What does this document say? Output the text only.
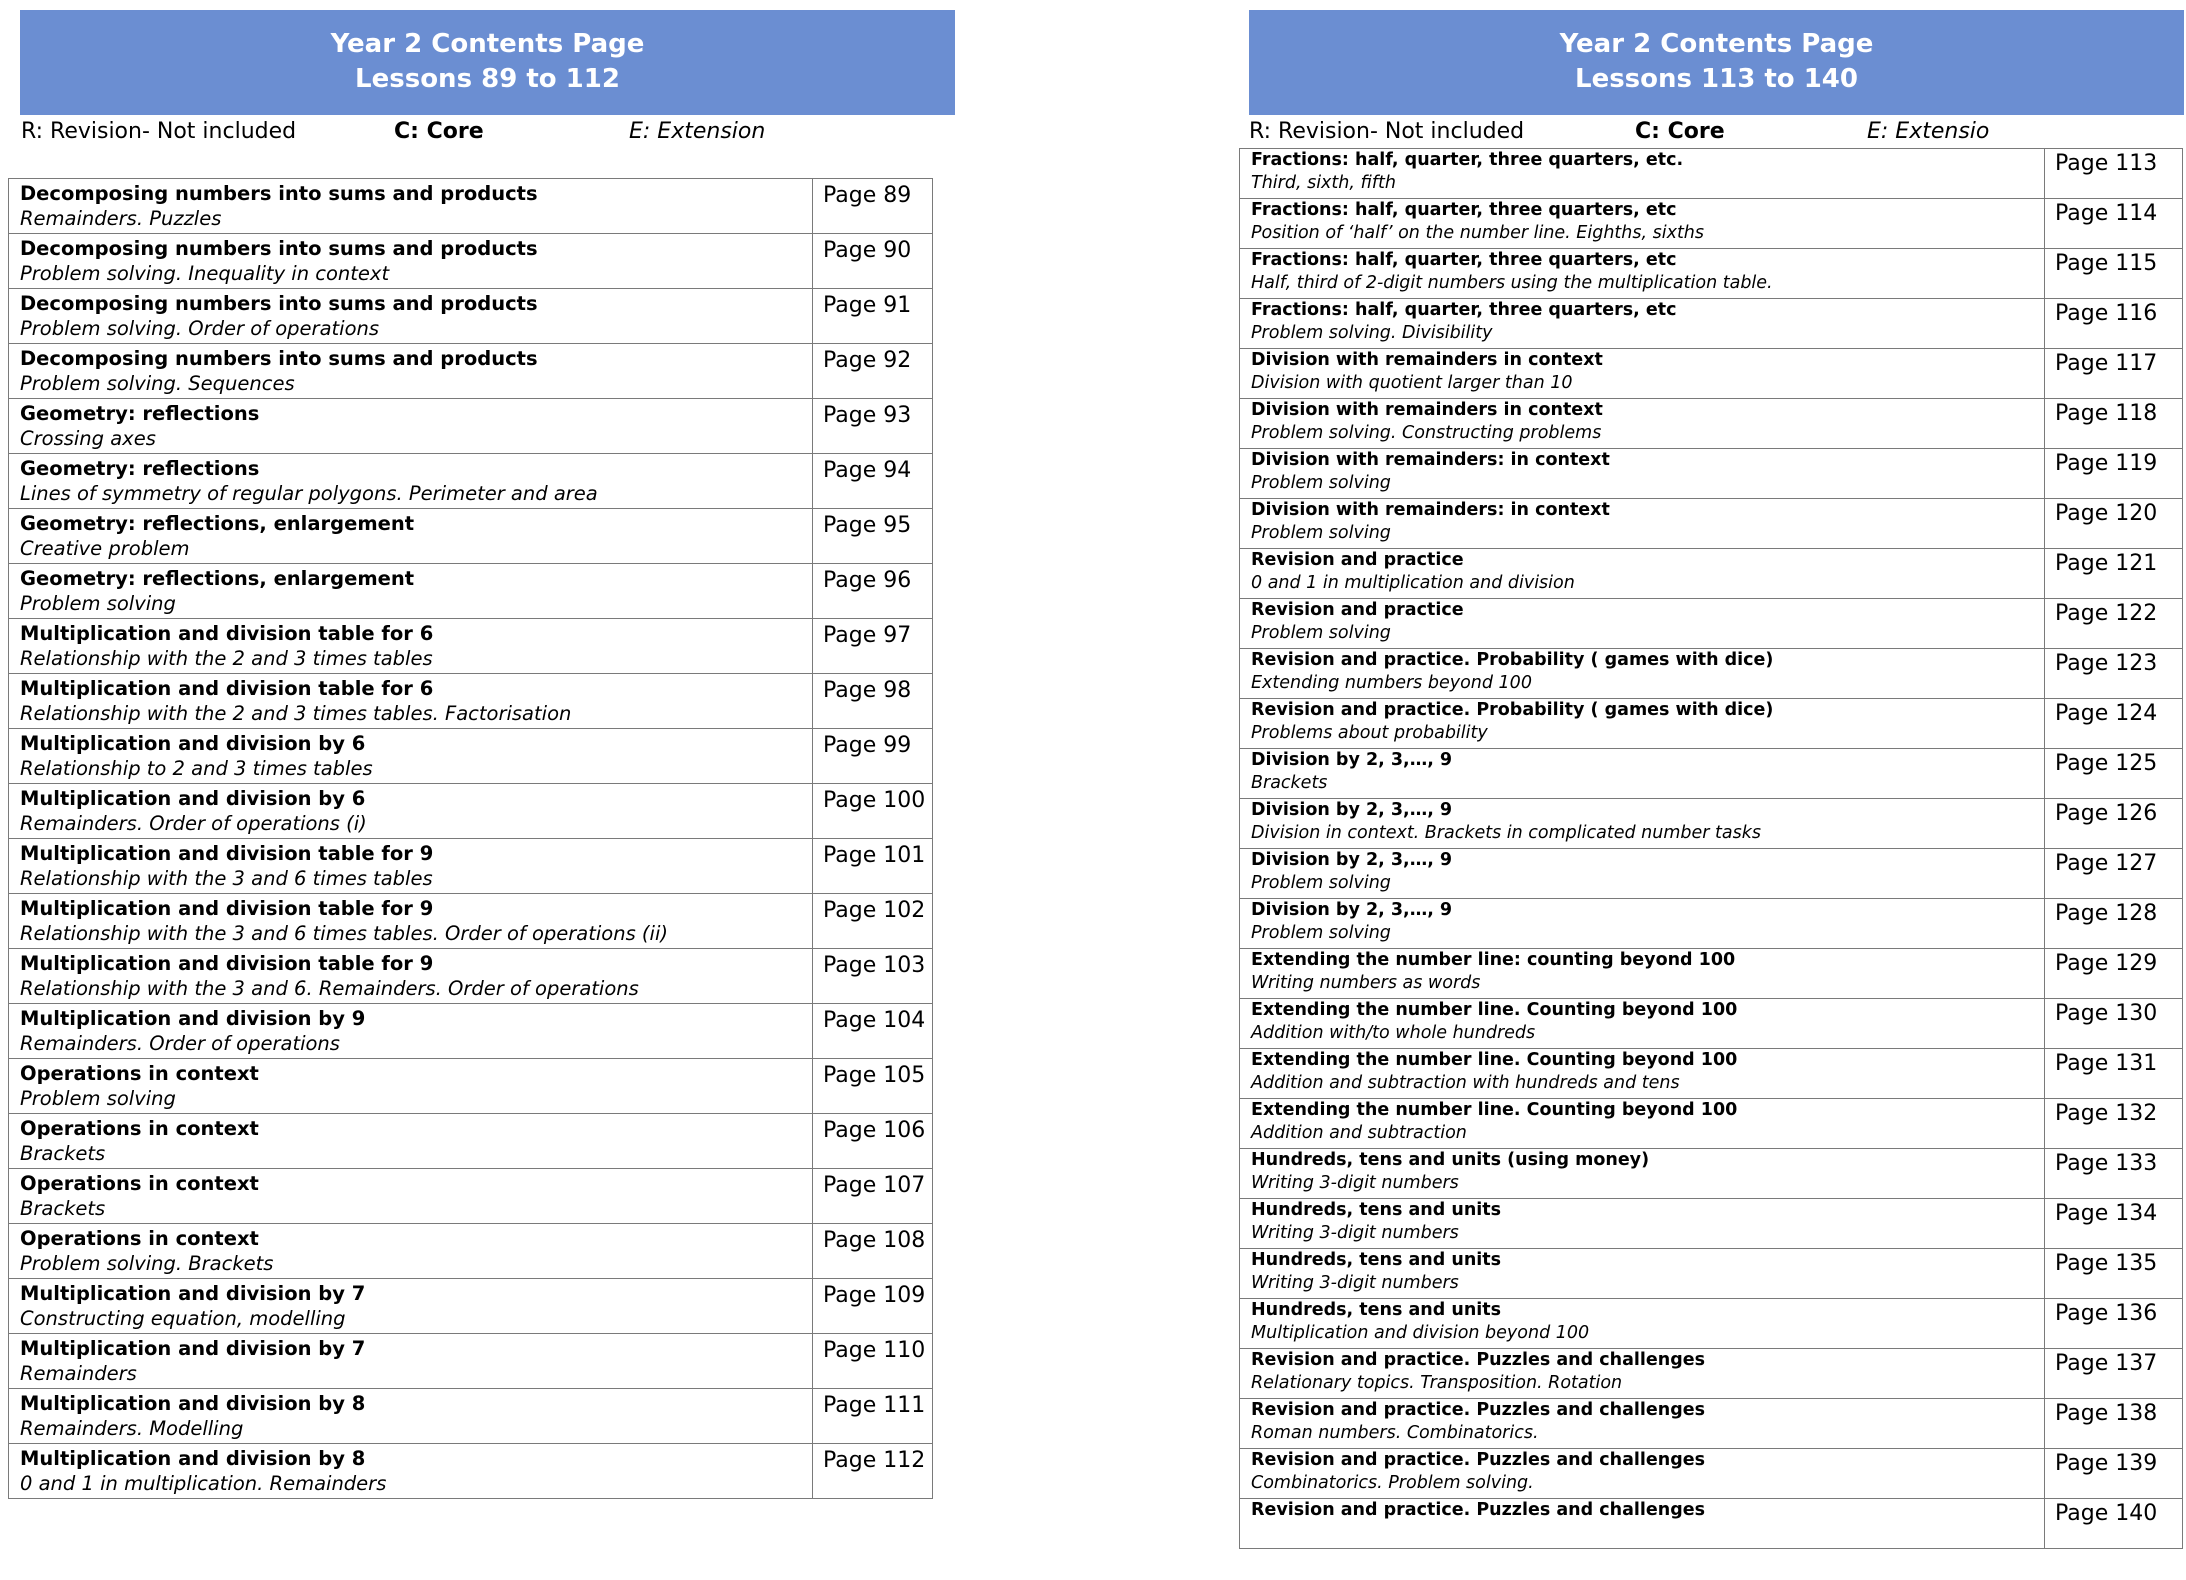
Year 2 Contents Page
Lessons 89 to 112
R: Revision- Not included	C: Core	E: Extension
Decomposing numbers into sums and products
Remainders. Puzzles	Page 89

Decomposing numbers into sums and products
Problem solving. Inequality in context	Page 90

Decomposing numbers into sums and products
Problem solving. Order of operations	Page 91

Decomposing numbers into sums and products
Problem solving. Sequences	Page 92

Geometry: reflections
Crossing axes	Page 93

Geometry: reflections
Lines of symmetry of regular polygons. Perimeter and area	Page 94

Geometry: reflections, enlargement
Creative problem	Page 95

Geometry: reflections, enlargement
Problem solving	Page 96

Multiplication and division table for 6
Relationship with the 2 and 3 times tables	Page 97

Multiplication and division table for 6
Relationship with the 2 and 3 times tables. Factorisation	Page 98

Multiplication and division by 6
Relationship to 2 and 3 times tables	Page 99

Multiplication and division by 6
Remainders. Order of operations (i)	Page 100

Multiplication and division table for 9
Relationship with the 3 and 6 times tables	Page 101

Multiplication and division table for 9
Relationship with the 3 and 6 times tables. Order of operations (ii)	Page 102

Multiplication and division table for 9
Relationship with the 3 and 6. Remainders. Order of operations	Page 103

Multiplication and division by 9
Remainders. Order of operations	Page 104

Operations in context
Problem solving	Page 105

Operations in context
Brackets	Page 106

Operations in context
Brackets	Page 107

Operations in context
Problem solving. Brackets	Page 108

Multiplication and division by 7
Constructing equation, modelling	Page 109

Multiplication and division by 7
Remainders	Page 110

Multiplication and division by 8
Remainders. Modelling	Page 111

Multiplication and division by 8
0 and 1 in multiplication. Remainders	Page 112
Year 2 Contents Page
Lessons 113 to 140
R: Revision- Not included	C: Core	E: Extensio
Fractions: half, quarter, three quarters, etc.
Third, sixth, fifth	Page 113

Fractions: half, quarter, three quarters, etc
Position of ‘half’ on the number line. Eighths, sixths	Page 114

Fractions: half, quarter, three quarters, etc
Half, third of 2-digit numbers using the multiplication table.	Page 115

Fractions: half, quarter, three quarters, etc
Problem solving. Divisibility	Page 116

Division with remainders in context
Division with quotient larger than 10	Page 117

Division with remainders in context
Problem solving. Constructing problems	Page 118

Division with remainders: in context
Problem solving	Page 119

Division with remainders: in context
Problem solving	Page 120

Revision and practice
0 and 1 in multiplication and division	Page 121

Revision and practice
Problem solving	Page 122

Revision and practice. Probability ( games with dice)
Extending numbers beyond 100	Page 123

Revision and practice. Probability ( games with dice)
Problems about probability	Page 124

Division by 2, 3,…, 9
Brackets	Page 125

Division by 2, 3,…, 9
Division in context. Brackets in complicated number tasks	Page 126

Division by 2, 3,…, 9
Problem solving	Page 127

Division by 2, 3,…, 9
Problem solving	Page 128

Extending the number line: counting beyond 100
Writing numbers as words	Page 129

Extending the number line. Counting beyond 100
Addition with/to whole hundreds	Page 130

Extending the number line. Counting beyond 100
Addition and subtraction with hundreds and tens	Page 131

Extending the number line. Counting beyond 100
Addition and subtraction	Page 132

Hundreds, tens and units (using money)
Writing 3-digit numbers	Page 133

Hundreds, tens and units
Writing 3-digit numbers	Page 134

Hundreds, tens and units
Writing 3-digit numbers	Page 135

Hundreds, tens and units
Multiplication and division beyond 100	Page 136

Revision and practice. Puzzles and challenges
Relationary topics. Transposition. Rotation	Page 137

Revision and practice. Puzzles and challenges
Roman numbers. Combinatorics.	Page 138

Revision and practice. Puzzles and challenges
Combinatorics. Problem solving.	Page 139

Revision and practice. Puzzles and challenges	Page 140
